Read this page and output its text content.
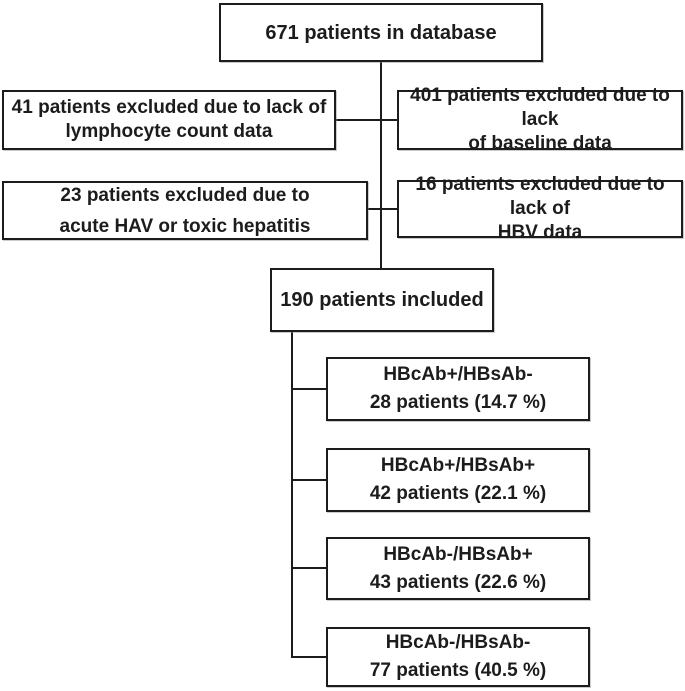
671 patients in database
41 patients excluded due to lack of
lymphocyte count data
401 patients excluded due to lack
of baseline data
23 patients excluded due to
acute HAV or toxic hepatitis
16 patients excluded due to lack of
HBV data
190 patients included
HBcAb+/HBsAb-
28 patients (14.7 %)
HBcAb+/HBsAb+
42 patients (22.1 %)
HBcAb-/HBsAb+
43 patients (22.6 %)
HBcAb-/HBsAb-
77 patients (40.5 %)
